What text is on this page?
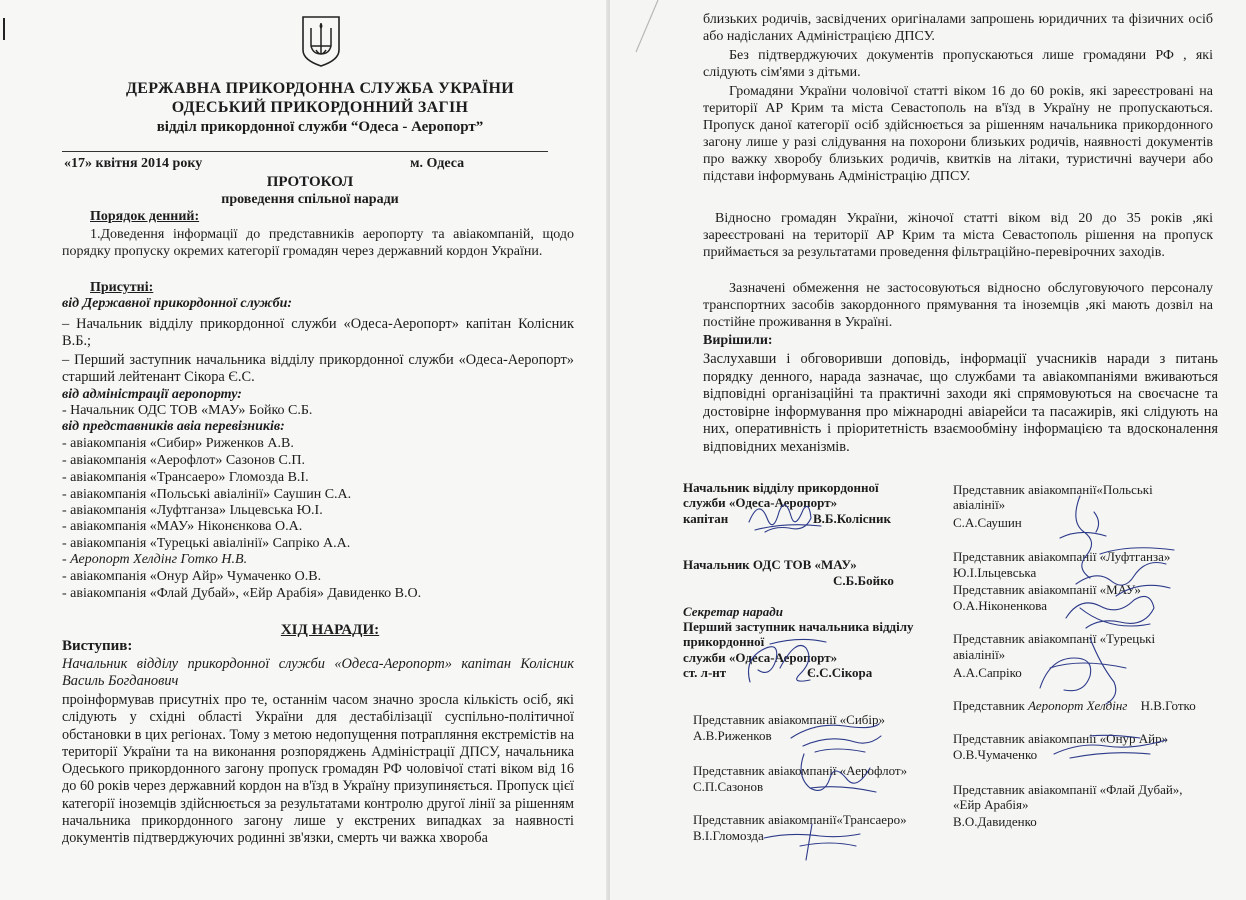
ДЕРЖАВНА ПРИКОРДОННА СЛУЖБА УКРАЇНИ
ОДЕСЬКИЙ ПРИКОРДОННИЙ ЗАГІН
відділ прикордонної служби “Одеса - Аеропорт”
«17» квітня 2014 року	м. Одеса
ПРОТОКОЛ
проведення спільної наради
Порядок денний:
1.Доведення інформації до представників аеропорту та авіакомпаній, щодо порядку пропуску окремих категорії громадян через державний кордон України.
Присутні:
від Державної прикордонної служби:
– Начальник відділу прикордонної служби «Одеса-Аеропорт» капітан Колісник В.Б.;
– Перший заступник начальника відділу прикордонної служби «Одеса-Аеропорт» старший лейтенант Сікора Є.С.
від адміністрації аеропорту:
- Начальник ОДС ТОВ «МАУ» Бойко С.Б.
від представників авіа перевізників:
- авіакомпанія «Сибир» Риженков А.В.
- авіакомпанія «Аерофлот» Сазонов С.П.
- авіакомпанія «Трансаеро» Гломозда В.І.
- авіакомпанія «Польські авіалінії» Саушин С.А.
- авіакомпанія «Луфтганза» Ільцевська Ю.І.
- авіакомпанія «МАУ» Ніконєнкова О.А.
- авіакомпанія «Турецькі авіалінії» Сапріко А.А.
- Аеропорт Хелдінг Готко Н.В.
- авіакомпанія «Онур Айр» Чумаченко О.В.
- авіакомпанія «Флай Дубай», «Ейр Арабія» Давиденко В.О.
ХІД НАРАДИ:
Виступив:
Начальник відділу прикордонної служби «Одеса-Аеропорт» капітан Колісник Василь Богданович
проінформував присутніх про те, останнім часом значно зросла кількість осіб, які слідують у східні області України для дестабілізації суспільно-політичної обстановки в цих регіонах. Тому з метою недопущення потрапляння екстремістів на території України та на виконання розпоряджень Адміністрації ДПСУ, начальника Одеського прикордонного загону пропуск громадян РФ чоловічої статі віком від 16 до 60 років через державний кордон на в'їзд в Україну призупиняється. Пропуск цієї категорії іноземців здійснюється за результатами контролю другої лінії за рішенням начальника прикордонного загону лише у екстрених випадках за наявності документів підтверджуючих родинні зв'язки, смерть чи важка хвороба
близьких родичів, засвідчених оригіналами запрошень юридичних та фізичних осіб або надісланих Адміністрацією ДПСУ.
Без підтверджуючих документів пропускаються лише громадяни РФ , які слідують сім'ями з дітьми.
Громадяни України чоловічої статті віком 16 до 60 років, які зареєстровані на території АР Крим та міста Севастополь на в'їзд в Україну не пропускаються. Пропуск даної категорії осіб здійснюється за рішенням начальника прикордонного загону лише у разі слідування на похорони близьких родичів, наявності документів про важку хворобу близьких родичів, квитків на літаки, туристичні ваучери або підстави інформувань Адміністрацію ДПСУ.
Відносно громадян України, жіночої статті віком від 20 до 35 років ,які зареєстровані на території АР Крим та міста Севастополь рішення на пропуск приймається за результатами проведення фільтраційно-перевірочних заходів.
Зазначені обмеження не застосовуються відносно обслуговуючого персоналу транспортних засобів закордонного прямування та іноземців ,які мають дозвіл на постійне проживання в Україні.
Вирішили:
Заслухавши і обговоривши доповідь, інформації учасників наради з питань порядку денного, нарада зазначає, що службами та авіакомпаніями вживаються відповідні організаційні та практичні заходи які спрямовуються на своєчасне та достовірне інформування про міжнародні авіарейси та пасажирів, які слідують на них, оперативність і пріоритетність взаємообміну інформацією та вдосконалення відповідних механізмів.
Начальник відділу прикордонної
служби «Одеса-Аеропорт»
капітан	В.Б.Колісник
Начальник ОДС ТОВ «МАУ»
С.Б.Бойко
Секретар наради
Перший заступник начальника відділу
прикордонної
служби «Одеса-Аеропорт»
ст. л-нт	Є.С.Сікора
Представник авіакомпанії «Сибір»
А.В.Риженков
Представник авіакомпанії «Аерофлот»
С.П.Сазонов
Представник авіакомпанії«Трансаеро»
В.І.Гломозда
Представник авіакомпанії«Польські
авіалінії»
С.А.Саушин
Представник авіакомпанії «Луфтганза»
Ю.І.Ільцевська
Представник авіакомпанії «МАУ»
О.А.Ніконенкова
Представник авіакомпанії «Турецькі
авіалінії»
А.А.Сапріко
Представник Аеропорт Хелдінг Н.В.Готко
Представник авіакомпанії «Онур Айр»
О.В.Чумаченко
Представник авіакомпанії «Флай Дубай»,
«Ейр Арабія»
В.О.Давиденко
